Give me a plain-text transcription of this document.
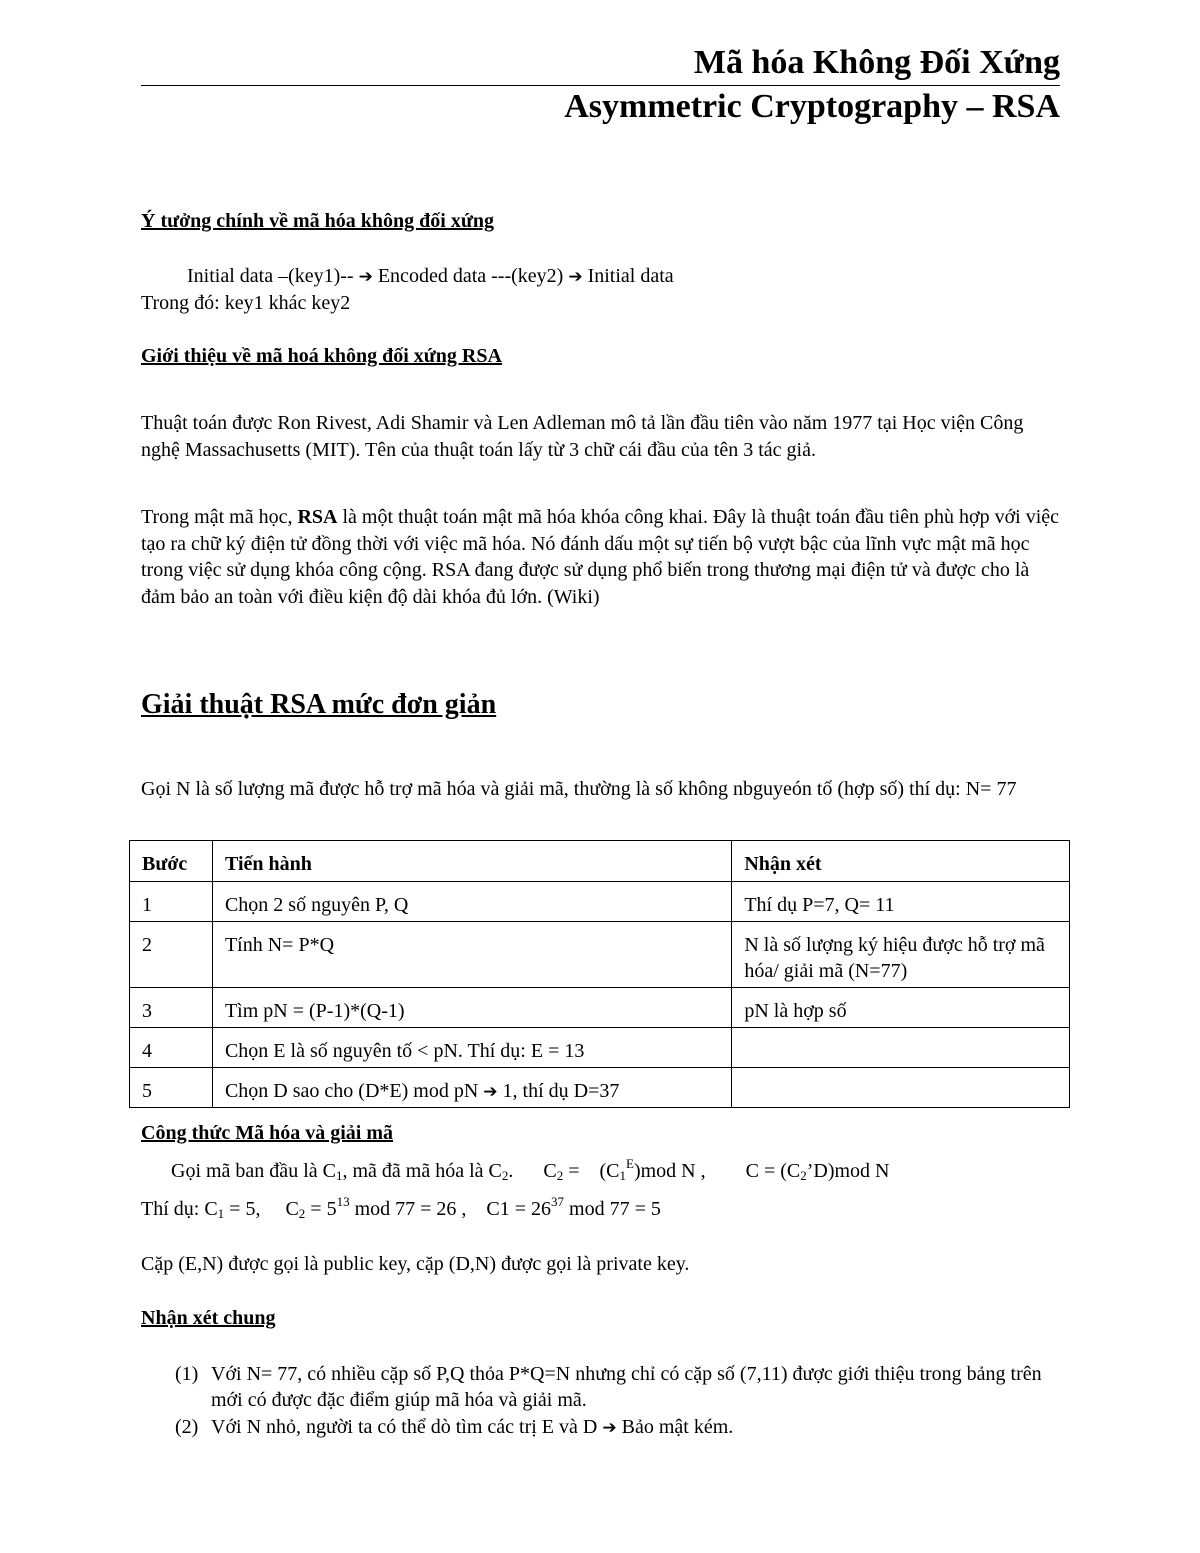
Mã hóa Không Đối Xứng
Asymmetric Cryptography – RSA
Ý tưởng chính về mã hóa không đối xứng
Initial data –(key1)-- ➔ Encoded data ---(key2) ➔ Initial data
Trong đó: key1 khác key2
Giới thiệu về mã hoá không đối xứng RSA
Thuật toán được Ron Rivest, Adi Shamir và Len Adleman mô tả lần đầu tiên vào năm 1977 tại Học viện Công nghệ Massachusetts (MIT). Tên của thuật toán lấy từ 3 chữ cái đầu của tên 3 tác giả.
Trong mật mã học, RSA là một thuật toán mật mã hóa khóa công khai. Đây là thuật toán đầu tiên phù hợp với việc tạo ra chữ ký điện tử đồng thời với việc mã hóa. Nó đánh dấu một sự tiến bộ vượt bậc của lĩnh vực mật mã học trong việc sử dụng khóa công cộng. RSA đang được sử dụng phổ biến trong thương mại điện tử và được cho là đảm bảo an toàn với điều kiện độ dài khóa đủ lớn. (Wiki)
Giải thuật RSA mức đơn giản
Gọi N là số lượng mã được hỗ trợ mã hóa và giải mã, thường là số không nbguyeón tố (hợp số) thí dụ: N= 77
Bước	Tiến hành	Nhận xét
1	Chọn 2 số nguyên P, Q	Thí dụ P=7, Q= 11
2	Tính N= P*Q	N là số lượng ký hiệu được hỗ trợ mã hóa/ giải mã (N=77)
3	Tìm pN = (P-1)*(Q-1)	pN là hợp số
4	Chọn E là số nguyên tố < pN. Thí dụ: E = 13	
5	Chọn D sao cho (D*E) mod pN ➔ 1, thí dụ D=37	
Công thức Mã hóa và giải mã
Gọi mã ban đầu là $C_1$, mã đã mã hóa là $C_2$.      $C_2$ =    $(C_1^E)mod$ N ,        $C = (C_2’D)mod$ N
Thí dụ: $C_1 = 5$,     $C_2 = 5^{13}$ mod 77 = 26 ,    $C1 = 26^{37}$ mod 77 = 5
Cặp (E,N) được gọi là public key, cặp (D,N) được gọi là private key.
Nhận xét chung
(1) Với N= 77, có nhiều cặp số P,Q thỏa P*Q=N nhưng chỉ có cặp số (7,11) được giới thiệu trong bảng trên mới có được đặc điểm giúp mã hóa và giải mã.
(2) Với N nhỏ, người ta có thể dò tìm các trị E và D ➔ Bảo mật kém.
